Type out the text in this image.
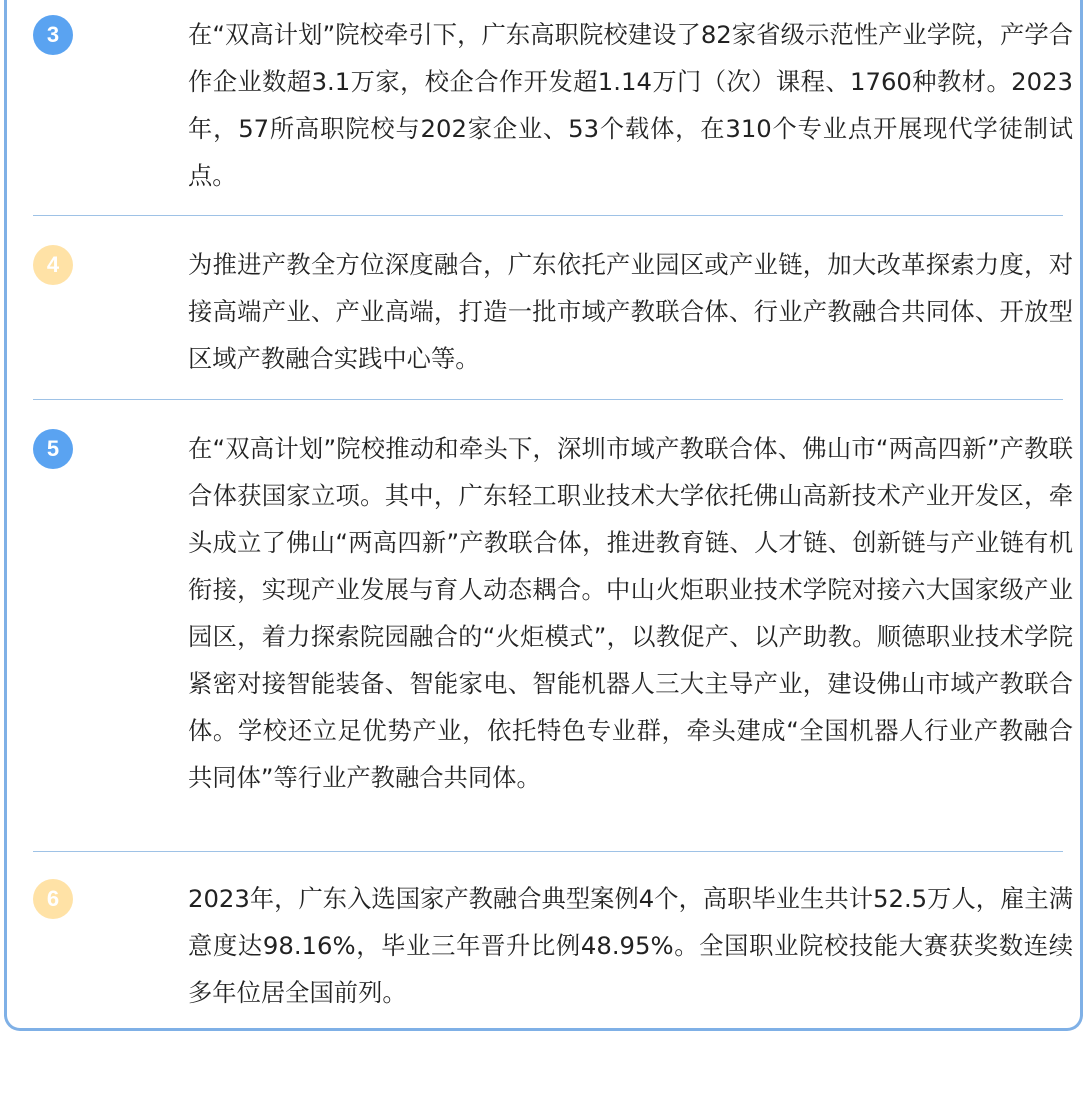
3	在“双高计划”院校牵引下，广东高职院校建设了82家省级示范性产业学院，产学合作企业数超3.1万家，校企合作开发超1.14万门（次）课程、1760种教材。2023年，57所高职院校与202家企业、53个载体，在310个专业点开展现代学徒制试点。

4	为推进产教全方位深度融合，广东依托产业园区或产业链，加大改革探索力度，对接高端产业、产业高端，打造一批市域产教联合体、行业产教融合共同体、开放型区域产教融合实践中心等。

5	在“双高计划”院校推动和牵头下，深圳市域产教联合体、佛山市“两高四新”产教联合体获国家立项。其中，广东轻工职业技术大学依托佛山高新技术产业开发区，牵头成立了佛山“两高四新”产教联合体，推进教育链、人才链、创新链与产业链有机衔接，实现产业发展与育人动态耦合。中山火炬职业技术学院对接六大国家级产业园区，着力探索院园融合的“火炬模式”，以教促产、以产助教。顺德职业技术学院紧密对接智能装备、智能家电、智能机器人三大主导产业，建设佛山市域产教联合体。学校还立足优势产业，依托特色专业群，牵头建成“全国机器人行业产教融合共同体”等行业产教融合共同体。

6	2023年，广东入选国家产教融合典型案例4个，高职毕业生共计52.5万人，雇主满意度达98.16%，毕业三年晋升比例48.95%。全国职业院校技能大赛获奖数连续多年位居全国前列。
